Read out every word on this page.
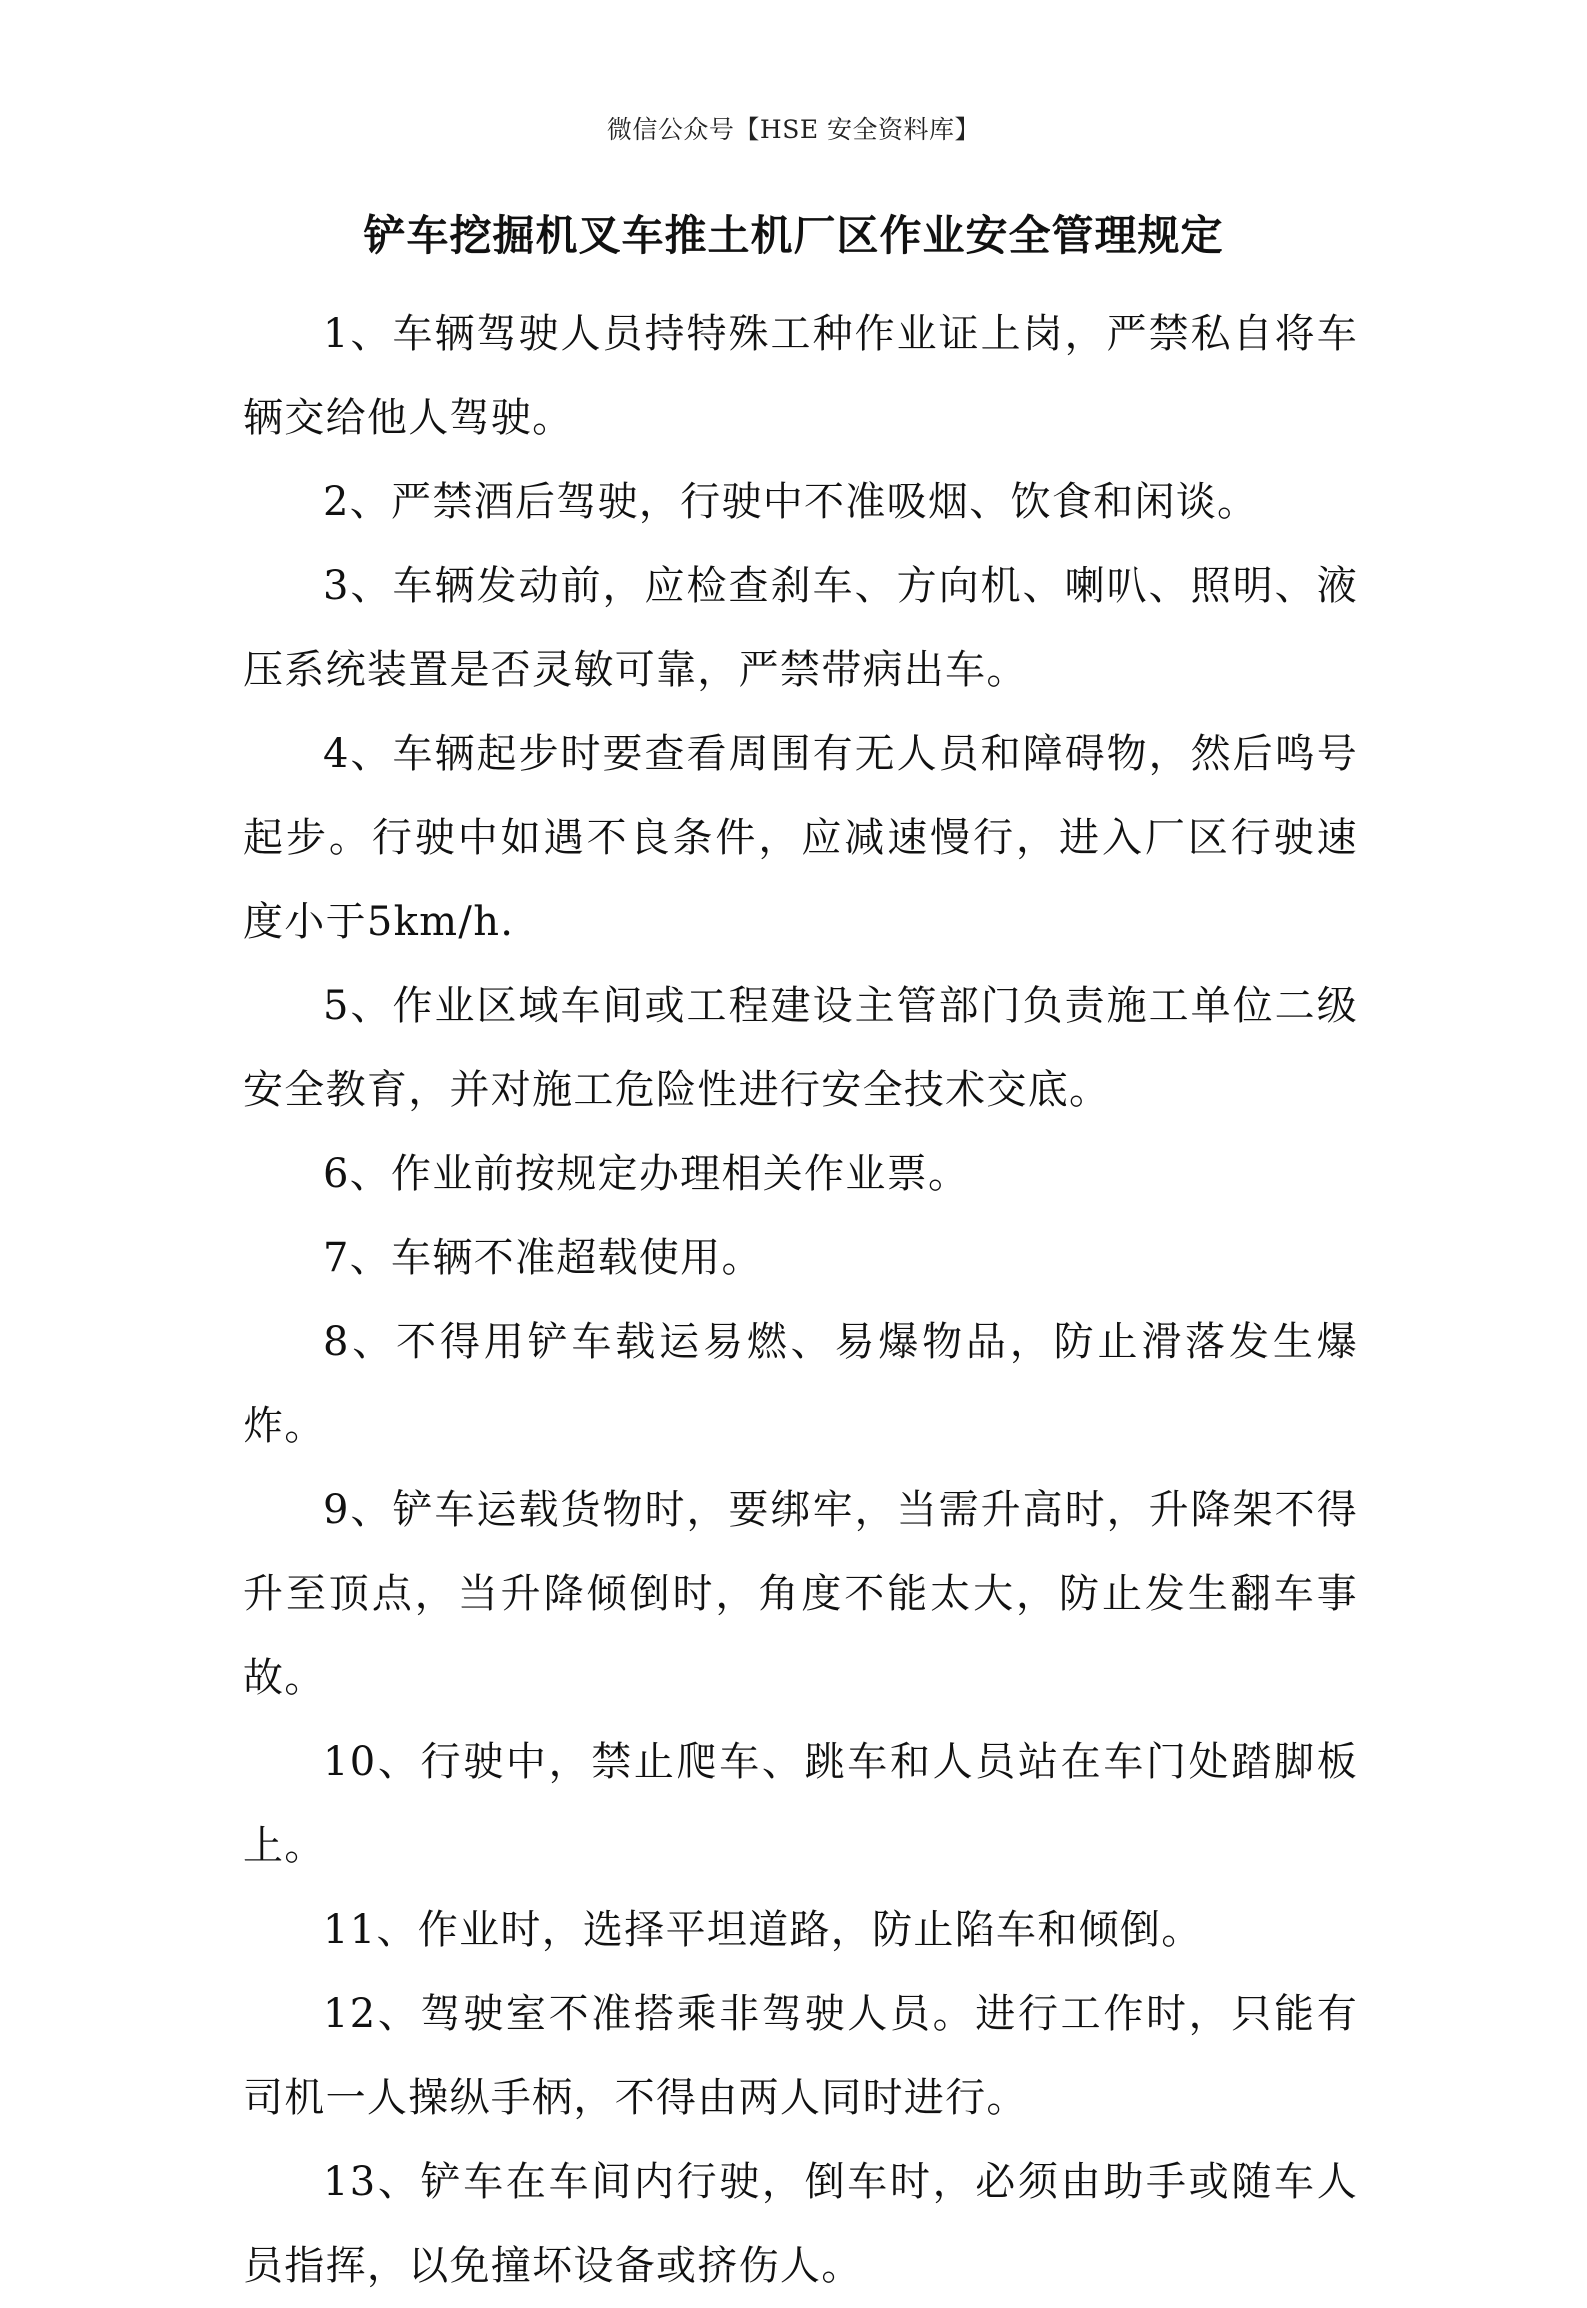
微信公众号【HSE 安全资料库】
铲车挖掘机叉车推土机厂区作业安全管理规定

1、车辆驾驶人员持特殊工种作业证上岗，严禁私自将车辆交给他人驾驶。

2、严禁酒后驾驶，行驶中不准吸烟、饮食和闲谈。

3、车辆发动前，应检查刹车、方向机、喇叭、照明、液压系统装置是否灵敏可靠，严禁带病出车。

4、车辆起步时要查看周围有无人员和障碍物，然后鸣号起步。行驶中如遇不良条件，应减速慢行，进入厂区行驶速度小于5km/h.

5、作业区域车间或工程建设主管部门负责施工单位二级安全教育，并对施工危险性进行安全技术交底。

6、作业前按规定办理相关作业票。

7、车辆不准超载使用。

8、不得用铲车载运易燃、易爆物品，防止滑落发生爆炸。

9、铲车运载货物时，要绑牢，当需升高时，升降架不得升至顶点，当升降倾倒时，角度不能太大，防止发生翻车事故。

10、行驶中，禁止爬车、跳车和人员站在车门处踏脚板上。

11、作业时，选择平坦道路，防止陷车和倾倒。

12、驾驶室不准搭乘非驾驶人员。进行工作时，只能有司机一人操纵手柄，不得由两人同时进行。

13、铲车在车间内行驶，倒车时，必须由助手或随车人员指挥，以免撞坏设备或挤伤人。
